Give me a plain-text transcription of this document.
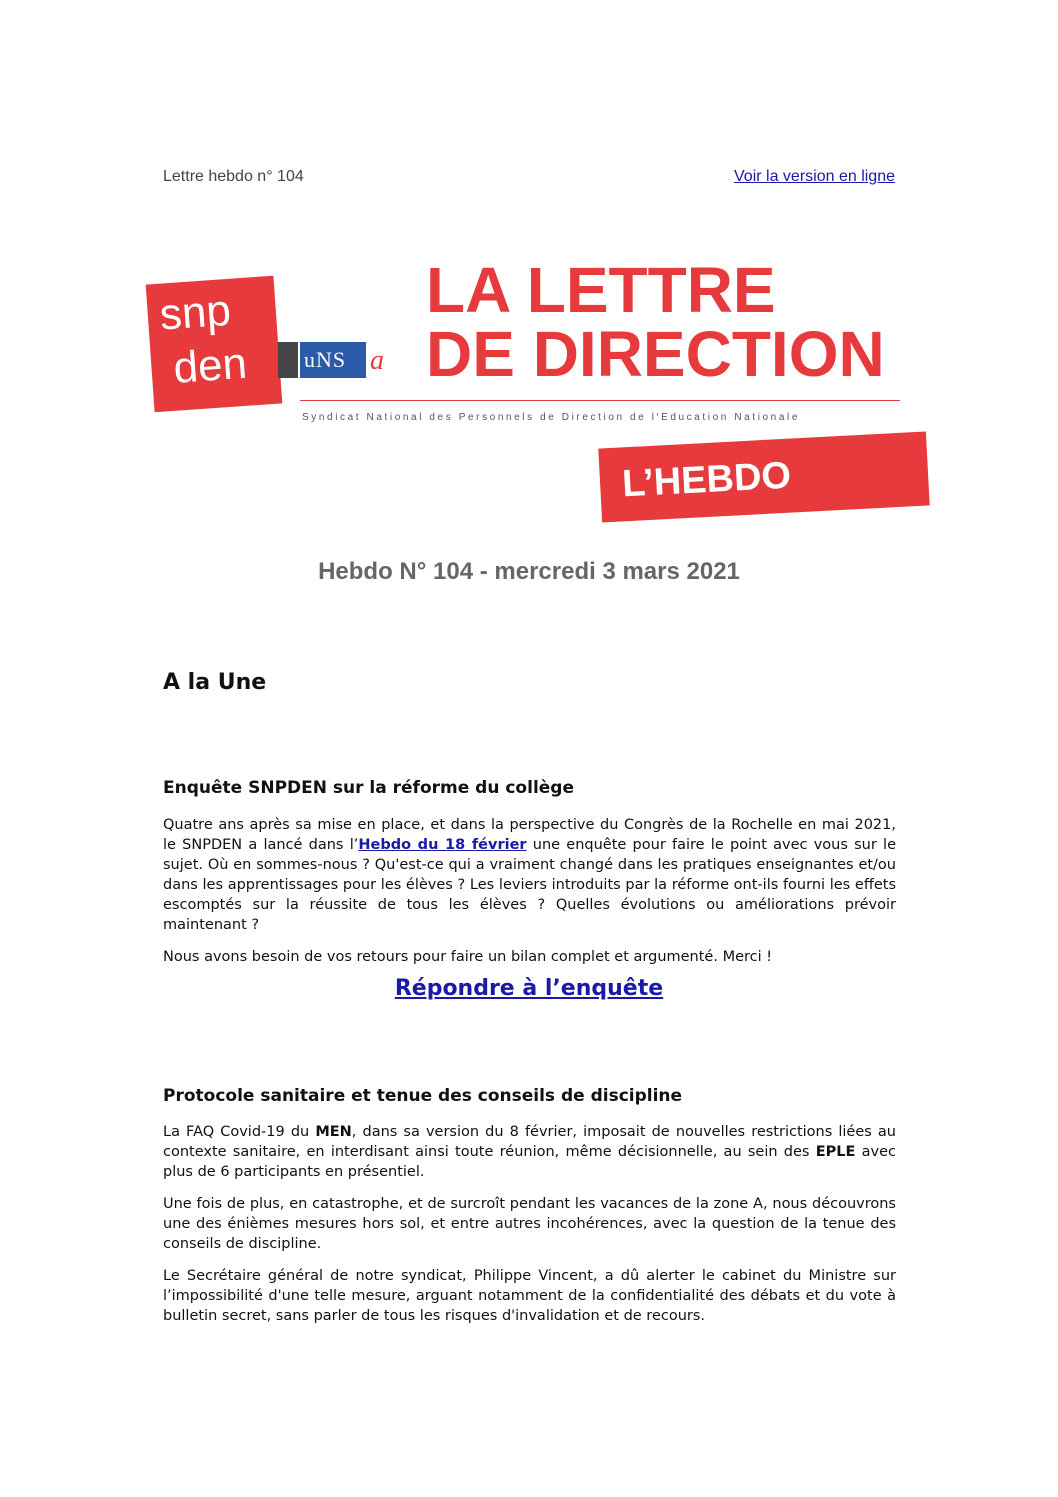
Lettre hebdo n° 104	Voir la version en ligne
snp
den	uNS a
LA LETTRE
DE DIRECTION
Syndicat National des Personnels de Direction de l'Education Nationale
L’HEBDO
Hebdo N° 104 - mercredi 3 mars 2021
A la Une
Enquête SNPDEN sur la réforme du collège

Quatre ans après sa mise en place, et dans la perspective du Congrès de la Rochelle en mai 2021, le SNPDEN a lancé dans l’Hebdo du 18 février une enquête pour faire le point avec vous sur le sujet. Où en sommes-nous ? Qu'est-ce qui a vraiment changé dans les pratiques enseignantes et/ou dans les apprentissages pour les élèves ? Les leviers introduits par la réforme ont-ils fourni les effets escomptés sur la réussite de tous les élèves ? Quelles évolutions ou améliorations prévoir maintenant ?

Nous avons besoin de vos retours pour faire un bilan complet et argumenté. Merci !

Répondre à l’enquête
Protocole sanitaire et tenue des conseils de discipline

La FAQ Covid-19 du MEN, dans sa version du 8 février, imposait de nouvelles restrictions liées au contexte sanitaire, en interdisant ainsi toute réunion, même décisionnelle, au sein des EPLE avec plus de 6 participants en présentiel.

Une fois de plus, en catastrophe, et de surcroît pendant les vacances de la zone A, nous découvrons une des énièmes mesures hors sol, et entre autres incohérences, avec la question de la tenue des conseils de discipline.

Le Secrétaire général de notre syndicat, Philippe Vincent, a dû alerter le cabinet du Ministre sur l’impossibilité d'une telle mesure, arguant notamment de la confidentialité des débats et du vote à bulletin secret, sans parler de tous les risques d'invalidation et de recours.
